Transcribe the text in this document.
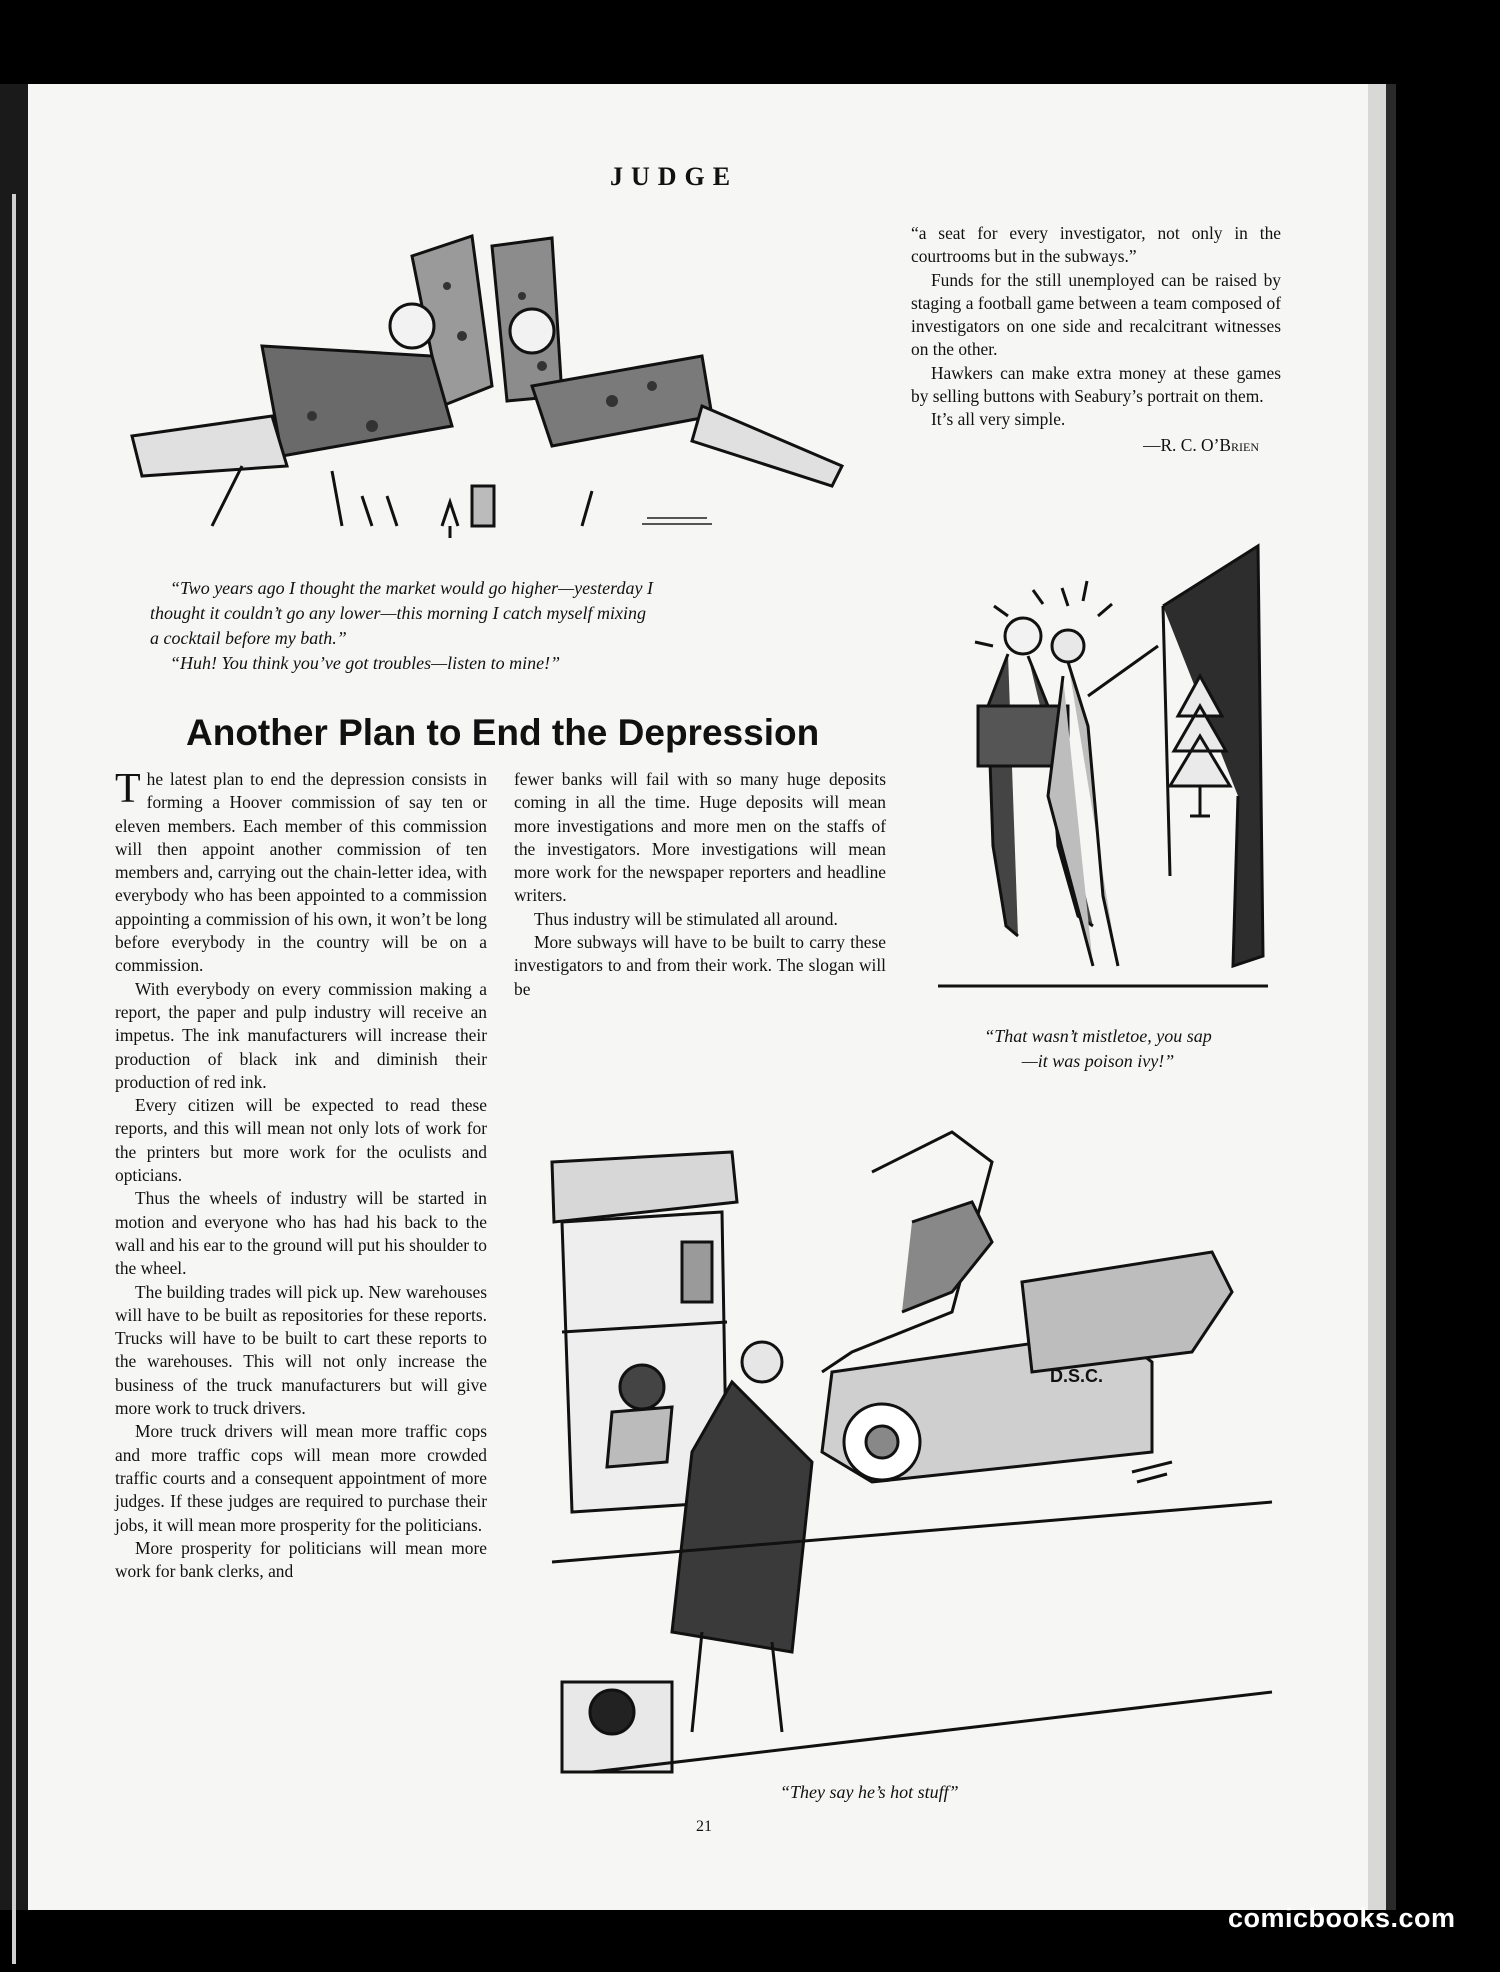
JUDGE
“Two years ago I thought the market would go higher—yesterday I
thought it couldn’t go any lower—this morning I catch myself mixing
a cocktail before my bath.”
“Huh! You think you’ve got troubles—listen to mine!”
Another Plan to End the Depression

The latest plan to end the depression consists in forming a Hoover commission of say ten or eleven members. Each member of this commission will then appoint another commission of ten members and, carrying out the chain-letter idea, with everybody who has been appointed to a commission appointing a commission of his own, it won’t be long before everybody in the country will be on a commission.

With everybody on every commission making a report, the paper and pulp industry will receive an impetus. The ink manufacturers will increase their production of black ink and diminish their production of red ink.

Every citizen will be expected to read these reports, and this will mean not only lots of work for the printers but more work for the oculists and opticians.

Thus the wheels of industry will be started in motion and everyone who has had his back to the wall and his ear to the ground will put his shoulder to the wheel.

The building trades will pick up. New warehouses will have to be built as repositories for these reports. Trucks will have to be built to cart these reports to the warehouses. This will not only increase the business of the truck manufacturers but will give more work to truck drivers.

More truck drivers will mean more traffic cops and more traffic cops will mean more crowded traffic courts and a consequent appointment of more judges. If these judges are required to purchase their jobs, it will mean more prosperity for the politicians.

More prosperity for politicians will mean more work for bank clerks, and

fewer banks will fail with so many huge deposits coming in all the time. Huge deposits will mean more investigations and more men on the staffs of the investigators. More investigations will mean more work for the newspaper reporters and headline writers.

Thus industry will be stimulated all around.

More subways will have to be built to carry these investigators to and from their work. The slogan will be

“a seat for every investigator, not only in the courtrooms but in the subways.”

Funds for the still unemployed can be raised by staging a football game between a team composed of investigators on one side and recalcitrant witnesses on the other.

Hawkers can make extra money at these games by selling buttons with Seabury’s portrait on them.

It’s all very simple.

—R. C. O’Brien

“That wasn’t mistletoe, you sap
—it was poison ivy!”
D.S.C.
“They say he’s hot stuff”
21
comicbooks.com
